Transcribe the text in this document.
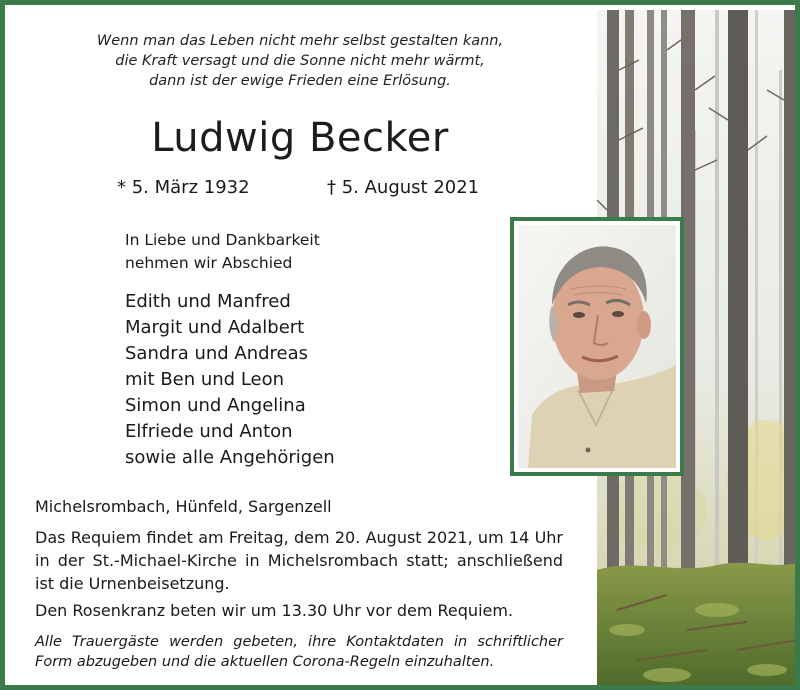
Wenn man das Leben nicht mehr selbst gestalten kann,
die Kraft versagt und die Sonne nicht mehr wärmt,
dann ist der ewige Frieden eine Erlösung.
Ludwig Becker
* 5. März 1932	† 5. August 2021
In Liebe und Dankbarkeit
nehmen wir Abschied
Edith und Manfred
Margit und Adalbert
Sandra und Andreas
mit Ben und Leon
Simon und Angelina
Elfriede und Anton
sowie alle Angehörigen
Michelsrombach, Hünfeld, Sargenzell
Das Requiem findet am Freitag, dem 20. August 2021, um 14 Uhr in der St.-Michael-Kirche in Michelsrombach statt; anschließend ist die Urnenbeisetzung.
Den Rosenkranz beten wir um 13.30 Uhr vor dem Requiem.
Alle Trauergäste werden gebeten, ihre Kontaktdaten in schriftlicher Form abzugeben und die aktuellen Corona-Regeln einzuhalten.
